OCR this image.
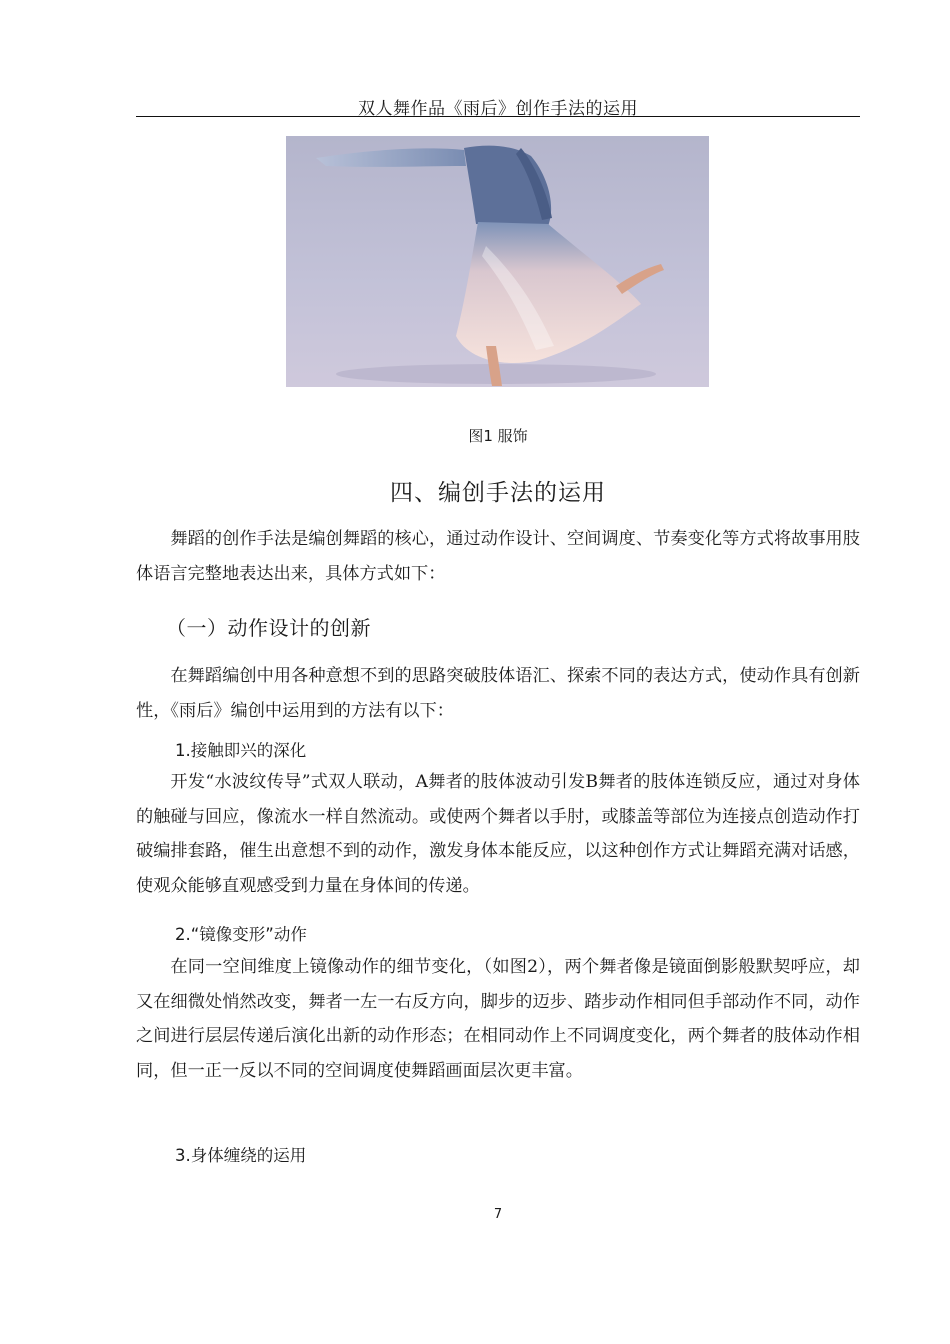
双人舞作品《雨后》创作手法的运用
图1 服饰
四、编创手法的运用

舞蹈的创作手法是编创舞蹈的核心，通过动作设计、空间调度、节奏变化等方式将故事用肢体语言完整地表达出来，具体方式如下：

（一）动作设计的创新

在舞蹈编创中用各种意想不到的思路突破肢体语汇、探索不同的表达方式，使动作具有创新性，《雨后》编创中运用到的方法有以下：

1.接触即兴的深化

开发“水波纹传导”式双人联动，A舞者的肢体波动引发B舞者的肢体连锁反应，通过对身体的触碰与回应，像流水一样自然流动。或使两个舞者以手肘，或膝盖等部位为连接点创造动作打破编排套路，催生出意想不到的动作，激发身体本能反应，以这种创作方式让舞蹈充满对话感，使观众能够直观感受到力量在身体间的传递。

2.“镜像变形”动作

在同一空间维度上镜像动作的细节变化，（如图2），两个舞者像是镜面倒影般默契呼应，却又在细微处悄然改变，舞者一左一右反方向，脚步的迈步、踏步动作相同但手部动作不同，动作之间进行层层传递后演化出新的动作形态；在相同动作上不同调度变化，两个舞者的肢体动作相同，但一正一反以不同的空间调度使舞蹈画面层次更丰富。

3.身体缠绕的运用
7
